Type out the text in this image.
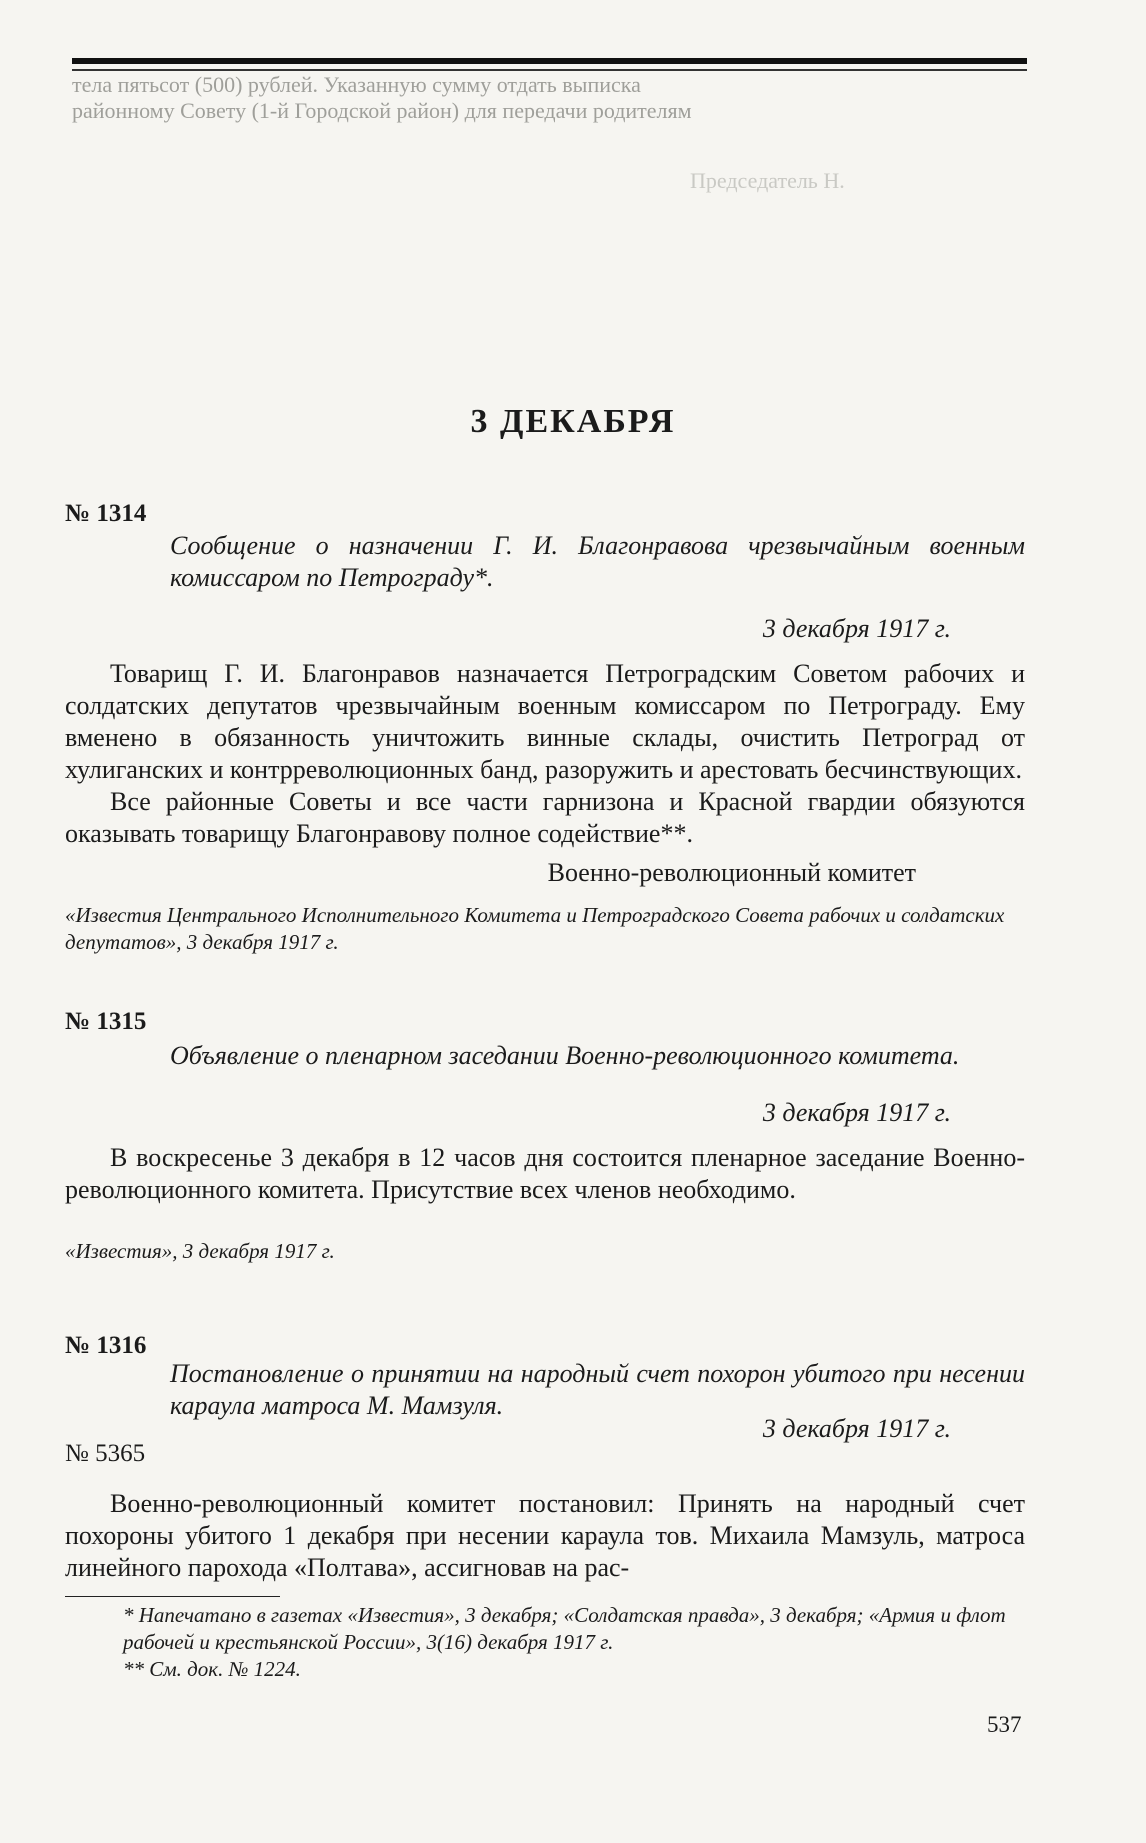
тела пятьсот (500) рублей. Указанную сумму отдать выписка
районному Совету (1-й Городской район) для передачи родителям
Председатель Н.
3 ДЕКАБРЯ
№ 1314
Сообщение о назначении Г. И. Благонравова чрезвычайным военным комиссаром по Петрограду*.
3 декабря 1917 г.

Товарищ Г. И. Благонравов назначается Петроградским Советом рабочих и солдатских депутатов чрезвычайным военным комиссаром по Петрограду. Ему вменено в обязанность уничтожить винные склады, очистить Петроград от хулиганских и контрреволюционных банд, разоружить и арестовать бесчинствующих.

Все районные Советы и все части гарнизона и Красной гвардии обязуются оказывать товарищу Благонравову полное содействие**.

Военно-революционный комитет
«Известия Центрального Исполнительного Комитета и Петроградского Совета рабочих и солдатских депутатов», 3 декабря 1917 г.
№ 1315
Объявление о пленарном заседании Военно-революционного комитета.
3 декабря 1917 г.

В воскресенье 3 декабря в 12 часов дня состоится пленарное заседание Военно-революционного комитета. Присутствие всех членов необходимо.

«Известия», 3 декабря 1917 г.
№ 1316
Постановление о принятии на народный счет похорон убитого при несении караула матроса М. Мамзуля.
3 декабря 1917 г.
№ 5365

Военно-революционный комитет постановил: Принять на народный счет похороны убитого 1 декабря при несении караула тов. Михаила Мамзуль, матроса линейного парохода «Полтава», ассигновав на рас-

* Напечатано в газетах «Известия», 3 декабря; «Солдатская правда», 3 декабря; «Армия и флот рабочей и крестьянской России», 3(16) декабря 1917 г.

** См. док. № 1224.

537
